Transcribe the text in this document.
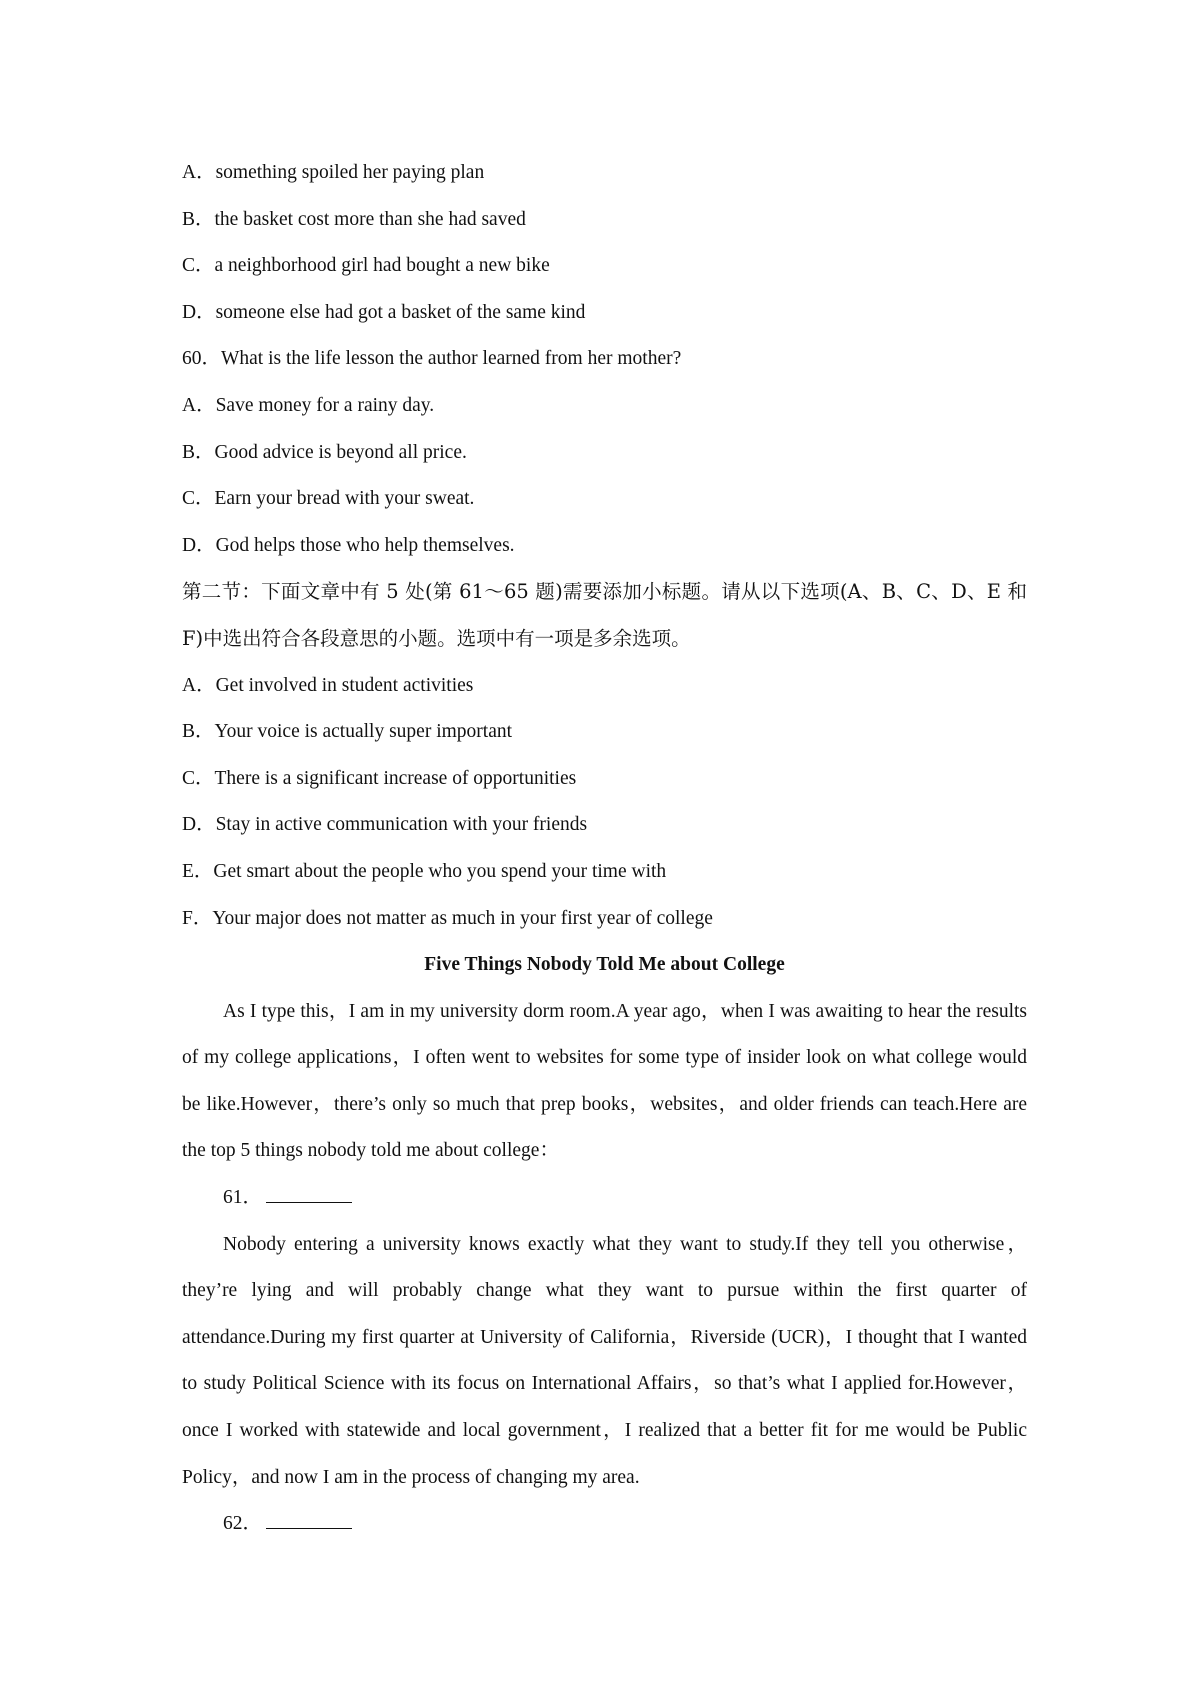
A．something spoiled her paying plan
B．the basket cost more than she had saved
C．a neighborhood girl had bought a new bike
D．someone else had got a basket of the same kind
60．What is the life lesson the author learned from her mother?
A．Save money for a rainy day.
B．Good advice is beyond all price.
C．Earn your bread with your sweat.
D．God helps those who help themselves.
第二节：下面文章中有 5 处(第 61～65 题)需要添加小标题。请从以下选项(A、B、C、D、E 和 F)中选出符合各段意思的小题。选项中有一项是多余选项。
A．Get involved in student activities
B．Your voice is actually super important
C．There is a significant increase of opportunities
D．Stay in active communication with your friends
E．Get smart about the people who you spend your time with
F．Your major does not matter as much in your first year of college
Five Things Nobody Told Me about College
As I type this，I am in my university dorm room.A year ago，when I was awaiting to hear the results of my college applications，I often went to websites for some type of insider look on what college would be like.However，there’s only so much that prep books，websites，and older friends can teach.Here are the top 5 things nobody told me about college：
61．
Nobody entering a university knows exactly what they want to study.If they tell you otherwise，they’re lying and will probably change what they want to pursue within the first quarter of attendance.During my first quarter at University of California，Riverside (UCR)，I thought that I wanted to study Political Science with its focus on International Affairs，so that’s what I applied for.However，once I worked with statewide and local government，I realized that a better fit for me would be Public Policy，and now I am in the process of changing my area.
62．
